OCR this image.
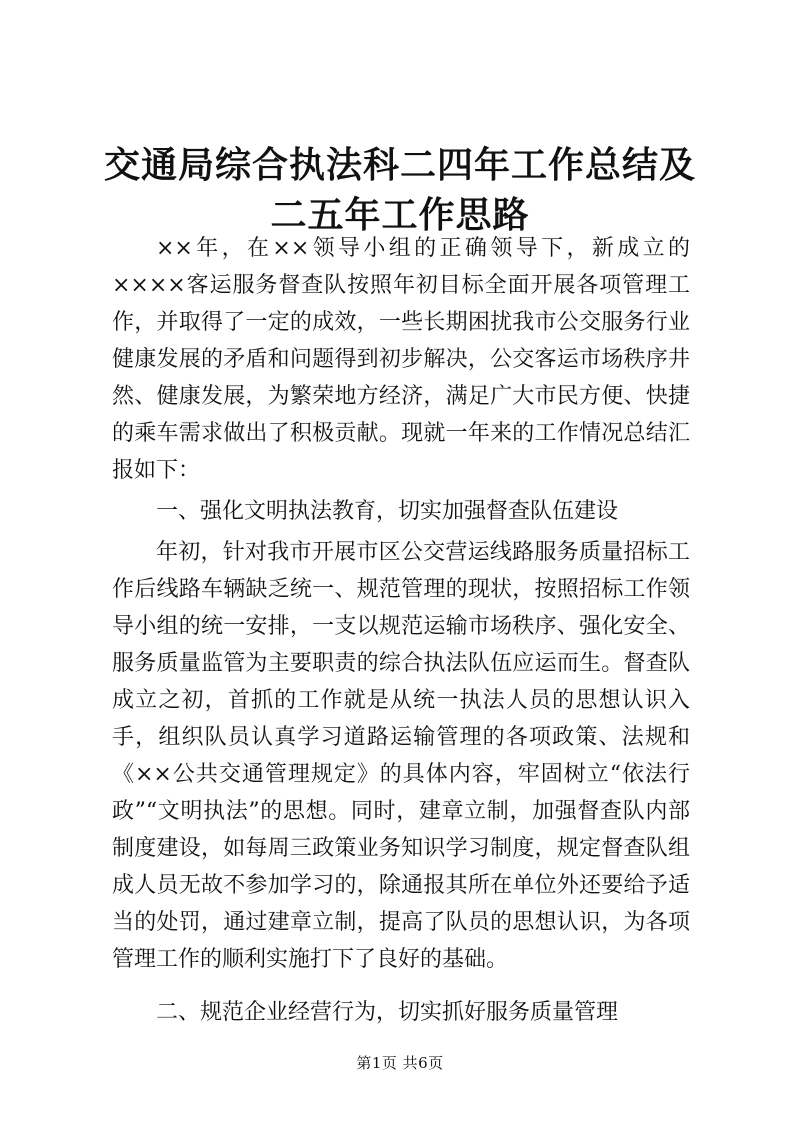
交通局综合执法科二四年工作总结及二五年工作思路

××年，在××领导小组的正确领导下，新成立的××××客运服务督查队按照年初目标全面开展各项管理工作，并取得了一定的成效，一些长期困扰我市公交服务行业健康发展的矛盾和问题得到初步解决，公交客运市场秩序井然、健康发展，为繁荣地方经济，满足广大市民方便、快捷的乘车需求做出了积极贡献。现就一年来的工作情况总结汇报如下：

一、强化文明执法教育，切实加强督查队伍建设

年初，针对我市开展市区公交营运线路服务质量招标工作后线路车辆缺乏统一、规范管理的现状，按照招标工作领导小组的统一安排，一支以规范运输市场秩序、强化安全、服务质量监管为主要职责的综合执法队伍应运而生。督查队成立之初，首抓的工作就是从统一执法人员的思想认识入手，组织队员认真学习道路运输管理的各项政策、法规和《××公共交通管理规定》的具体内容，牢固树立“依法行政”“文明执法”的思想。同时，建章立制，加强督查队内部制度建设，如每周三政策业务知识学习制度，规定督查队组成人员无故不参加学习的，除通报其所在单位外还要给予适当的处罚，通过建章立制，提高了队员的思想认识，为各项管理工作的顺利实施打下了良好的基础。

二、规范企业经营行为，切实抓好服务质量管理

第1页 共6页
